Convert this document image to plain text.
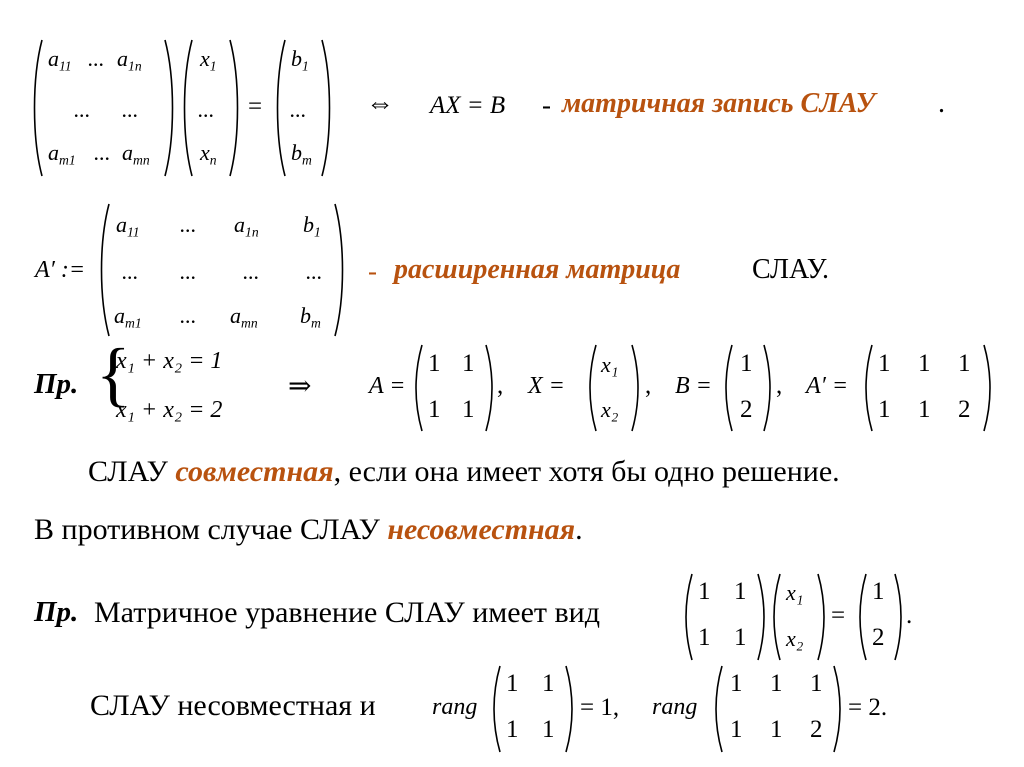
$a_{11}$ ... $a_{1n}$
... ...
$a_{m1}$ ... $a_{mn}$
$x_1$
...
$x_n$
=
$b_1$
...
$b_m$
⇔ AX = B - матричная запись СЛАУ .
A′ :=
$a_{11}$ ... $a_{1n}$ $b_1$
... ... ... ...
$a_{m1}$ ... $a_{mn}$ $b_m$
- расширенная матрица	СЛАУ.
Пр. {
x₁ + x₂ = 1
x₁ + x₂ = 2
⇒ A =
1 1
1 1
, X =
x₁
x₂
, B =
1
2
, A′ =
1 1 1
1 1 2
СЛАУ совместная, если она имеет хотя бы одно решение.
В противном случае СЛАУ несовместная.
Пр. Матричное уравнение СЛАУ имеет вид
1 1
1 1
x₁
x₂
=
1
2
.
СЛАУ несовместная и rang
1 1
1 1
= 1, rang
1 1 1
1 1 2
= 2.
